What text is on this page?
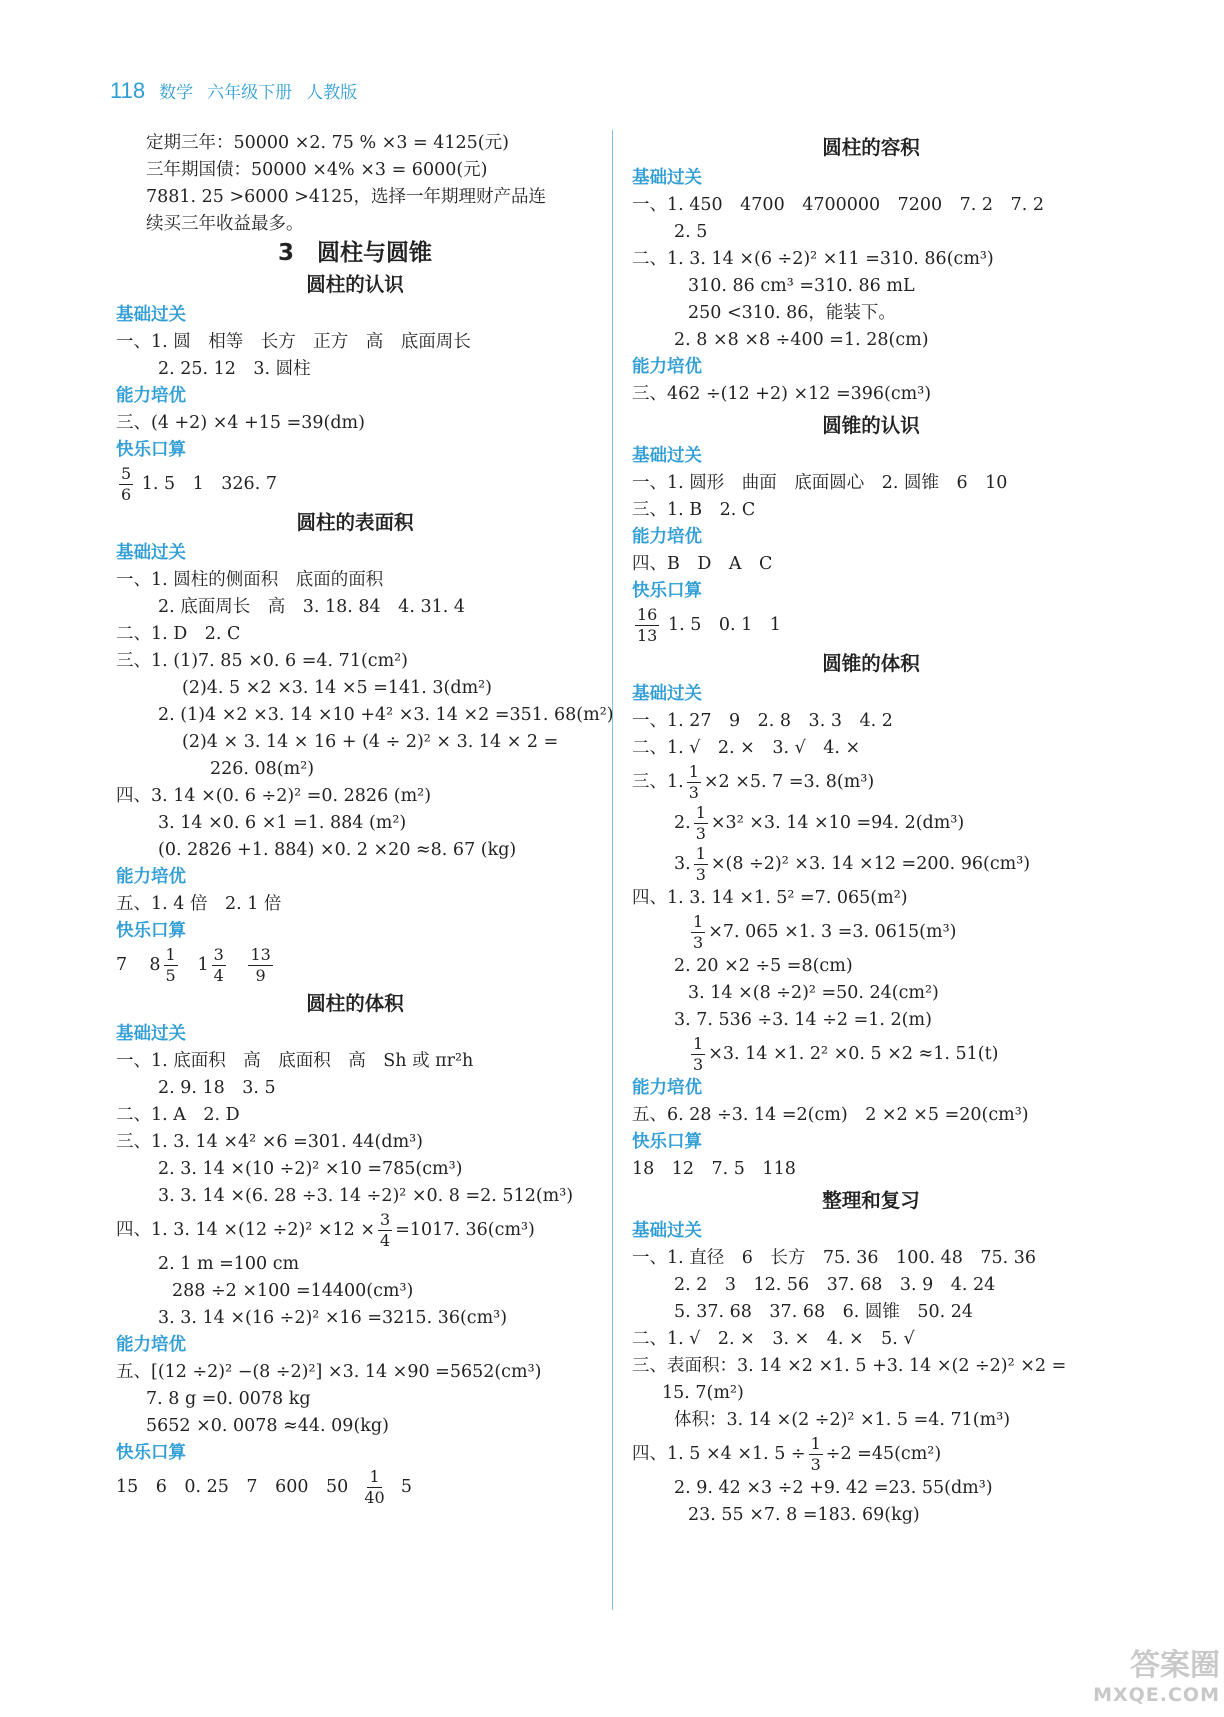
118 数学 六年级下册 人教版
定期三年：50000 ×2. 75 % ×3 = 4125(元)
三年期国债：50000 ×4% ×3 = 6000(元)
7881. 25 >6000 >4125，选择一年期理财产品连
续买三年收益最多。
3　圆柱与圆锥
圆柱的认识
基础过关
一、1. 圆　相等　长方　正方　高　底面周长
2. 25. 12　3. 圆柱
能力培优
三、(4 +2) ×4 +15 =39(dm)
快乐口算
$\frac{5}{6} 1$. 5　1　326. 7
圆柱的表面积
基础过关
一、1. 圆柱的侧面积　底面的面积
2. 底面周长　高　3. 18. 84　4. 31. 4
二、1. D　2. C
三、1. (1)7. 85 ×0. 6 =4. 71(cm²)
(2)4. 5 ×2 ×3. 14 ×5 =141. 3(dm²)
2. (1)4 ×2 ×3. 14 ×10 +4² ×3. 14 ×2 =351. 68(m²)
(2)4 × 3. 14 × 16 + (4 ÷ 2)² × 3. 14 × 2 =
226. 08(m²)
四、3. 14 ×(0. 6 ÷2)² =0. 2826 (m²)
3. 14 ×0. 6 ×1 =1. 884 (m²)
(0. 2826 +1. 884) ×0. 2 ×20 ≈8. 67 (kg)
能力培优
五、1. 4 倍　2. 1 倍
快乐口算
7 $8 \frac{1}{5} 1 \frac{3}{4}$
$\frac{13}{9}$
圆柱的体积
基础过关
一、1. 底面积　高　底面积　高　Sh 或 πr²h
2. 9. 18　3. 5
二、1. A　2. D
三、1. 3. 14 ×4² ×6 =301. 44(dm³)
2. 3. 14 ×(10 ÷2)² ×10 =785(cm³)
3. 3. 14 ×(6. 28 ÷3. 14 ÷2)² ×0. 8 =2. 512(m³)
四、1. 3. $14 \times(12 \div 2)^2 \times 12 \times \frac{3}{4} =1017$. 36(cm³)
2. 1 m =100 cm
288 ÷2 ×100 =14400(cm³)
3. 3. 14 ×(16 ÷2)² ×16 =3215. 36(cm³)
能力培优
五、[(12 ÷2)² −(8 ÷2)²] ×3. 14 ×90 =5652(cm³)
7. 8 g =0. 0078 kg
5652 ×0. 0078 ≈44. 09(kg)
快乐口算
15　6　0. 25　7　600　$50 \frac{1}{40} 5$
圆柱的容积
基础过关
一、1. 450　4700　4700000　7200　7. 2　7. 2
2. 5
二、1. 3. 14 ×(6 ÷2)² ×11 =310. 86(cm³)
310. 86 cm³ =310. 86 mL
250 <310. 86，能装下。
2. 8 ×8 ×8 ÷400 =1. 28(cm)
能力培优
三、462 ÷(12 +2) ×12 =396(cm³)
圆锥的认识
基础过关
一、1. 圆形　曲面　底面圆心　2. 圆锥　6　10
三、1. B　2. C
能力培优
四、B　D　A　C
快乐口算
$\frac{16}{13} 1$. 5　0. 1　1
圆锥的体积
基础过关
一、1. 27　9　2. 8　3. 3　4. 2
二、1. √　2. ×　3. √　4. ×
三、1. $\frac{1}{3} \times 2 \times 5$. 7 =3. 8(m³)
2. $\frac{1}{3} \times 3^2 \times 3$. 14 ×10 =94. 2(dm³)
3. $\frac{1}{3} \times(8 \div 2)^2 \times 3$. 14 ×12 =200. 96(cm³)
四、1. 3. 14 ×1. 5² =7. 065(m²)
$\frac{1}{3} \times 7$. 065 ×1. 3 =3. 0615(m³)
2. 20 ×2 ÷5 =8(cm)
3. 14 ×(8 ÷2)² =50. 24(cm²)
3. 7. 536 ÷3. 14 ÷2 =1. 2(m)
$\frac{1}{3} \times 3$. 14 ×1. 2² ×0. 5 ×2 ≈1. 51(t)
能力培优
五、6. 28 ÷3. 14 =2(cm)　2 ×2 ×5 =20(cm³)
快乐口算
18　12　7. 5　118
整理和复习
基础过关
一、1. 直径　6　长方　75. 36　100. 48　75. 36
2. 2　3　12. 56　37. 68　3. 9　4. 24
5. 37. 68　37. 68　6. 圆锥　50. 24
二、1. √　2. ×　3. ×　4. ×　5. √
三、表面积：3. 14 ×2 ×1. 5 +3. 14 ×(2 ÷2)² ×2 =
15. 7(m²)
体积：3. 14 ×(2 ÷2)² ×1. 5 =4. 71(m³)
四、1. 5 ×4 ×1. $5 \div \frac{1}{3} \div 2 =45(cm^2)$
2. 9. 42 ×3 ÷2 +9. 42 =23. 55(dm³)
23. 55 ×7. 8 =183. 69(kg)
答案圈
MXQE.COM
